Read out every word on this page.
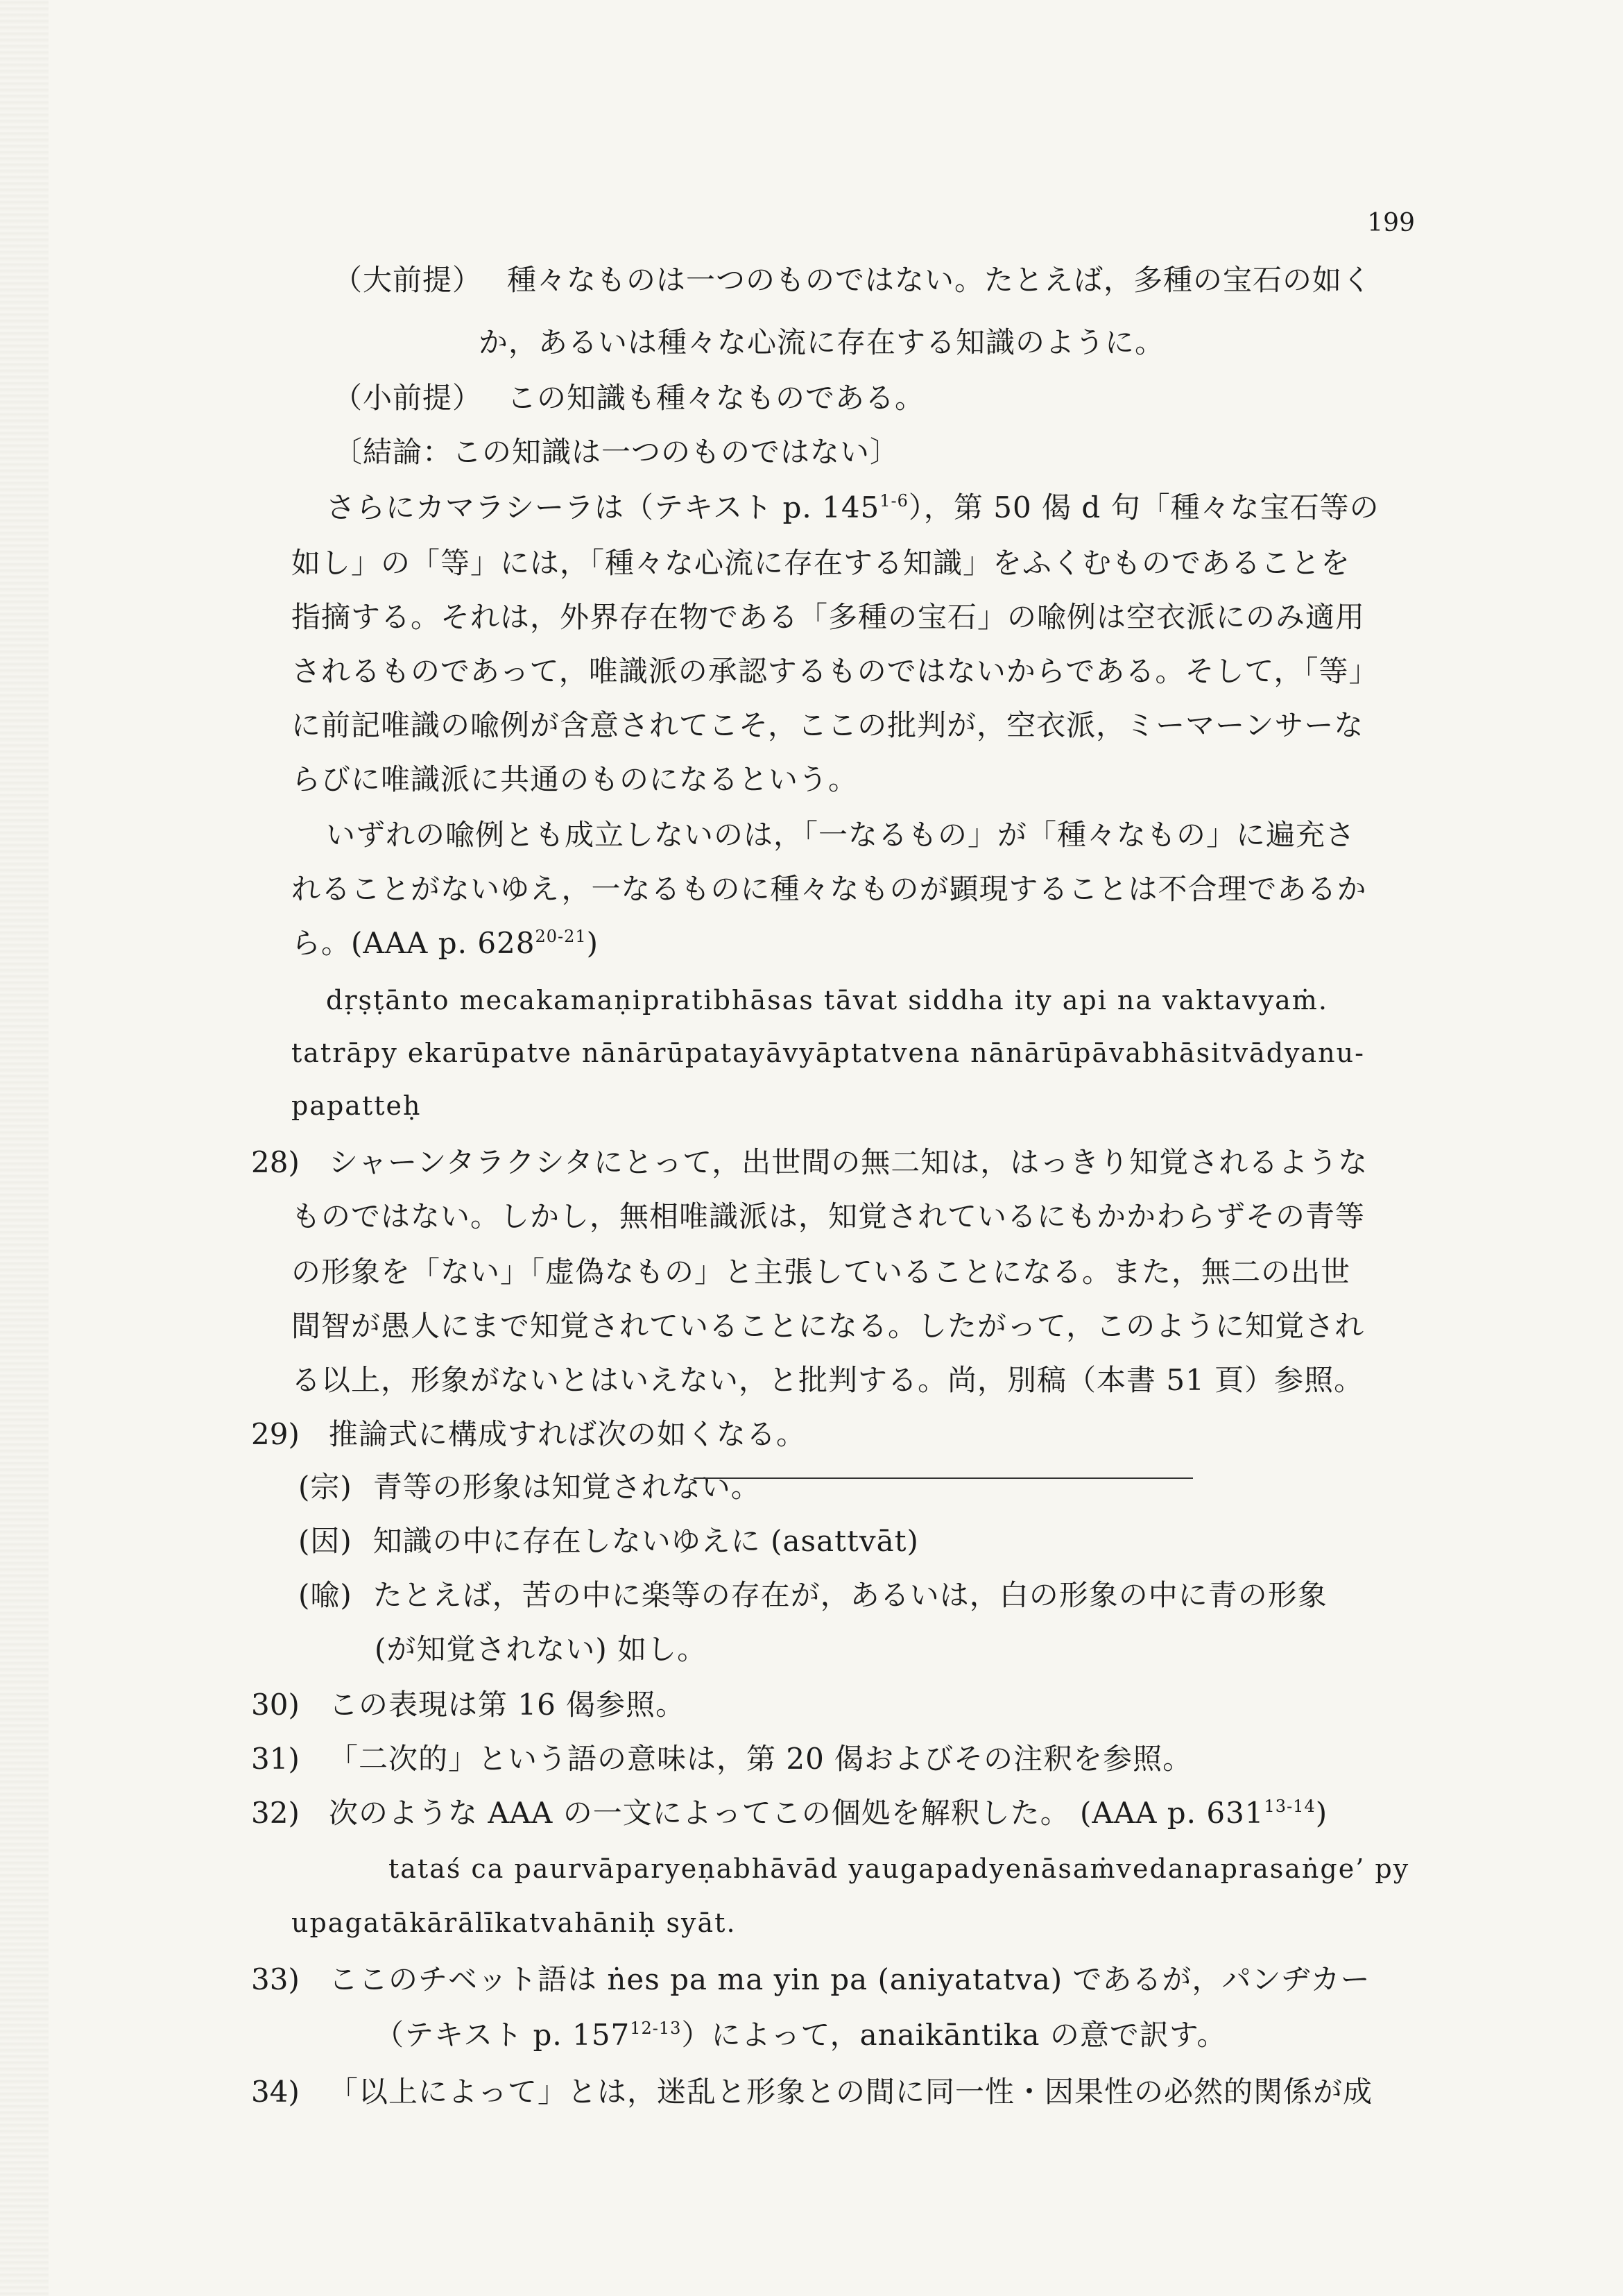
199
（大前提） 種々なものは一つのものではない。たとえば，多種の宝石の如く
か，あるいは種々な心流に存在する知識のように。
（小前提） この知識も種々なものである。
〔結論：この知識は一つのものではない〕
さらにカマラシーラは（テキスト p. 145$^{1-6}$），第 50 偈 d 句「種々な宝石等の
如し」の「等」には，「種々な心流に存在する知識」をふくむものであることを
指摘する。それは，外界存在物である「多種の宝石」の喩例は空衣派にのみ適用
されるものであって，唯識派の承認するものではないからである。そして，「等」
に前記唯識の喩例が含意されてこそ，ここの批判が，空衣派，ミーマーンサーな
らびに唯識派に共通のものになるという。
いずれの喩例とも成立しないのは，「一なるもの」が「種々なもの」に遍充さ
れることがないゆえ，一なるものに種々なものが顕現することは不合理であるか
ら。(AAA p. 628$^{20-21}$)
dṛṣṭānto mecakamaṇipratibhāsas tāvat siddha ity api na vaktavyaṁ.
tatrāpy ekarūpatve nānārūpatayāvyāptatvena nānārūpāvabhāsitvādyanu-
papatteḥ
28) シャーンタラクシタにとって，出世間の無二知は，はっきり知覚されるような
ものではない。しかし，無相唯識派は，知覚されているにもかかわらずその青等
の形象を「ない」「虚偽なもの」と主張していることになる。また，無二の出世
間智が愚人にまで知覚されていることになる。したがって，このように知覚され
る以上，形象がないとはいえない，と批判する。尚，別稿（本書 51 頁）参照。
29) 推論式に構成すれば次の如くなる。
(宗) 青等の形象は知覚されない。
(因) 知識の中に存在しないゆえに (asattvāt)
(喩) たとえば，苦の中に楽等の存在が，あるいは，白の形象の中に青の形象
(が知覚されない) 如し。
30) この表現は第 16 偈参照。
31) 「二次的」という語の意味は，第 20 偈およびその注釈を参照。
32) 次のような AAA の一文によってこの個処を解釈した。 (AAA p. 631$^{13-14}$)
tataś ca paurvāparyeṇabhāvād yaugapadyenāsaṁvedanaprasaṅge’ py
upagatākārālīkatvahāniḥ syāt.
33) ここのチベット語は ṅes pa ma yin pa (aniyatatva) であるが，パンヂカー
（テキスト p. 157$^{12-13}$）によって，anaikāntika の意で訳す。
34) 「以上によって」とは，迷乱と形象との間に同一性・因果性の必然的関係が成
